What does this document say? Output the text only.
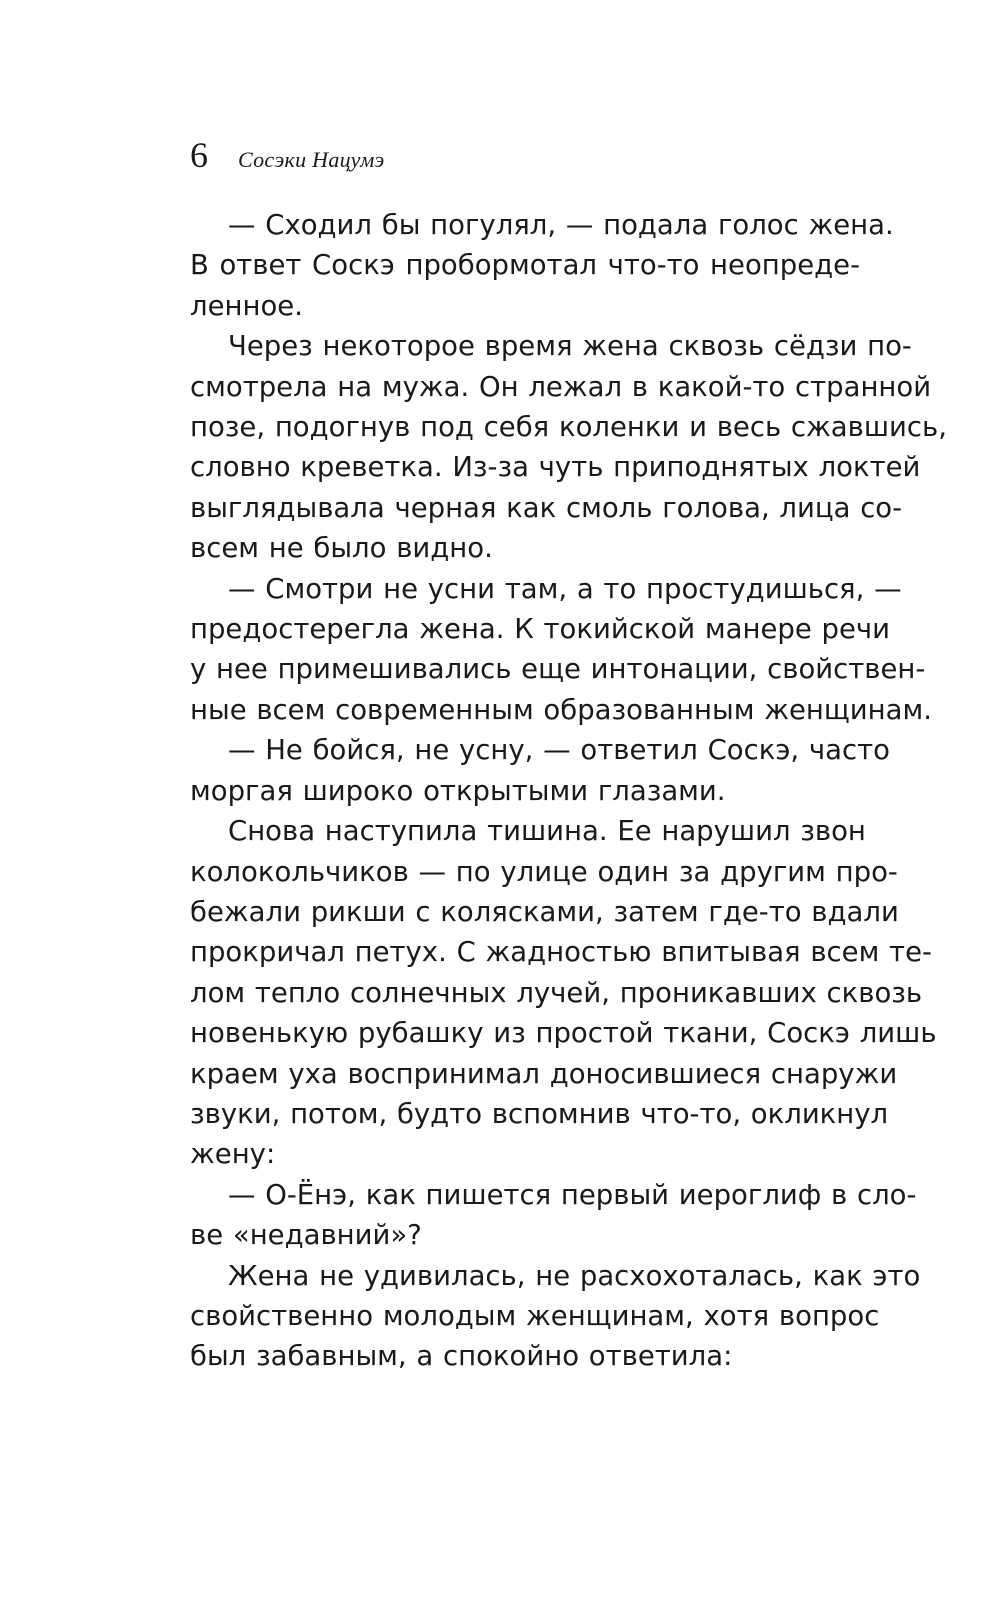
6 Сосэки Нацумэ

— Сходил бы погулял, — подала голос жена.
В ответ Соскэ пробормотал что-то неопреде-
ленное.

Через некоторое время жена сквозь сёдзи по-
смотрела на мужа. Он лежал в какой-то странной
позе, подогнув под себя коленки и весь сжавшись,
словно креветка. Из-за чуть приподнятых локтей
выглядывала черная как смоль голова, лица со-
всем не было видно.

— Смотри не усни там, а то простудишься, —
предостерегла жена. К токийской манере речи
у нее примешивались еще интонации, свойствен-
ные всем современным образованным женщинам.

— Не бойся, не усну, — ответил Соскэ, часто
моргая широко открытыми глазами.

Снова наступила тишина. Ее нарушил звон
колокольчиков — по улице один за другим про-
бежали рикши с колясками, затем где-то вдали
прокричал петух. С жадностью впитывая всем те-
лом тепло солнечных лучей, проникавших сквозь
новенькую рубашку из простой ткани, Соскэ лишь
краем уха воспринимал доносившиеся снаружи
звуки, потом, будто вспомнив что-то, окликнул
жену:

— О-Ёнэ, как пишется первый иероглиф в сло-
ве «недавний»?

Жена не удивилась, не расхохоталась, как это
свойственно молодым женщинам, хотя вопрос
был забавным, а спокойно ответила:
